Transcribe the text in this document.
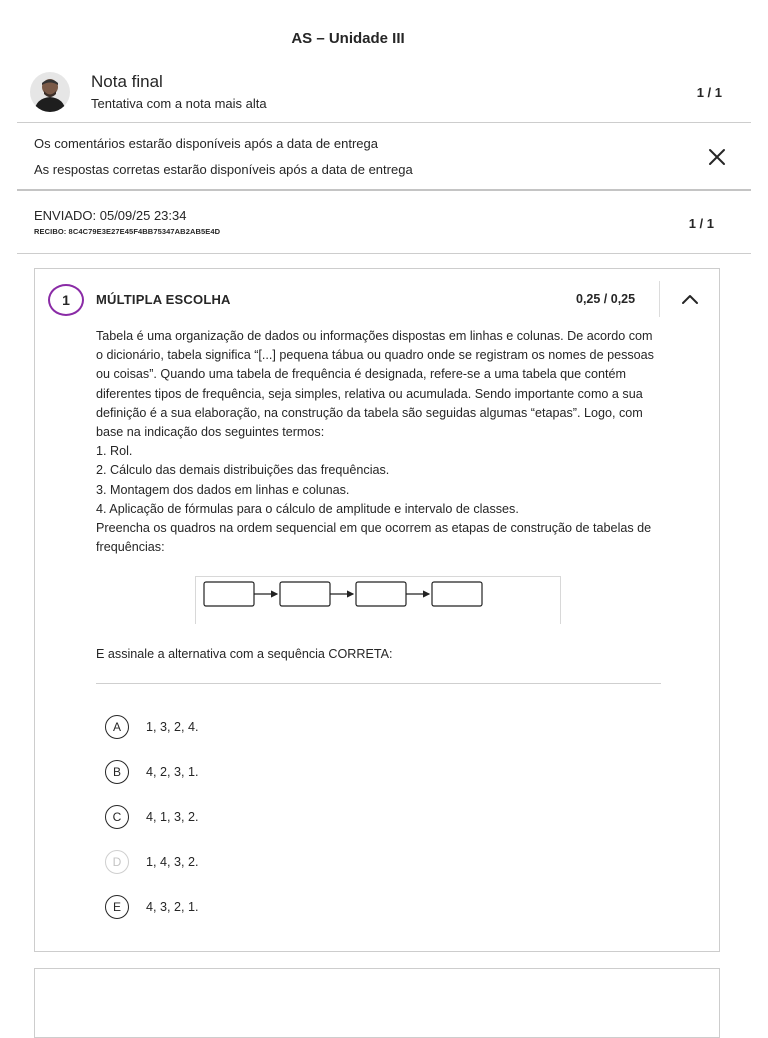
AS – Unidade III
Nota final
Tentativa com a nota mais alta
1 / 1
Os comentários estarão disponíveis após a data de entrega
As respostas corretas estarão disponíveis após a data de entrega
ENVIADO: 05/09/25 23:34
RECIBO: 8C4C79E3E27E45F4BB75347AB2AB5E4D
1 / 1
1	MÚLTIPLA ESCOLHA	0,25 / 0,25

Tabela é uma organização de dados ou informações dispostas em linhas e colunas. De acordo com o dicionário, tabela significa “[...] pequena tábua ou quadro onde se registram os nomes de pessoas ou coisas”. Quando uma tabela de frequência é designada, refere-se a uma tabela que contém diferentes tipos de frequência, seja simples, relativa ou acumulada. Sendo importante como a sua definição é a sua elaboração, na construção da tabela são seguidas algumas “etapas”. Logo, com base na indicação dos seguintes termos:

1. Rol.

2. Cálculo das demais distribuições das frequências.

3. Montagem dos dados em linhas e colunas.

4. Aplicação de fórmulas para o cálculo de amplitude e intervalo de classes.

Preencha os quadros na ordem sequencial em que ocorrem as etapas de construção de tabelas de frequências:

E assinale a alternativa com a sequência CORRETA:
A	1, 3, 2, 4.
B	4, 2, 3, 1.
C	4, 1, 3, 2.
D	1, 4, 3, 2.
E	4, 3, 2, 1.
